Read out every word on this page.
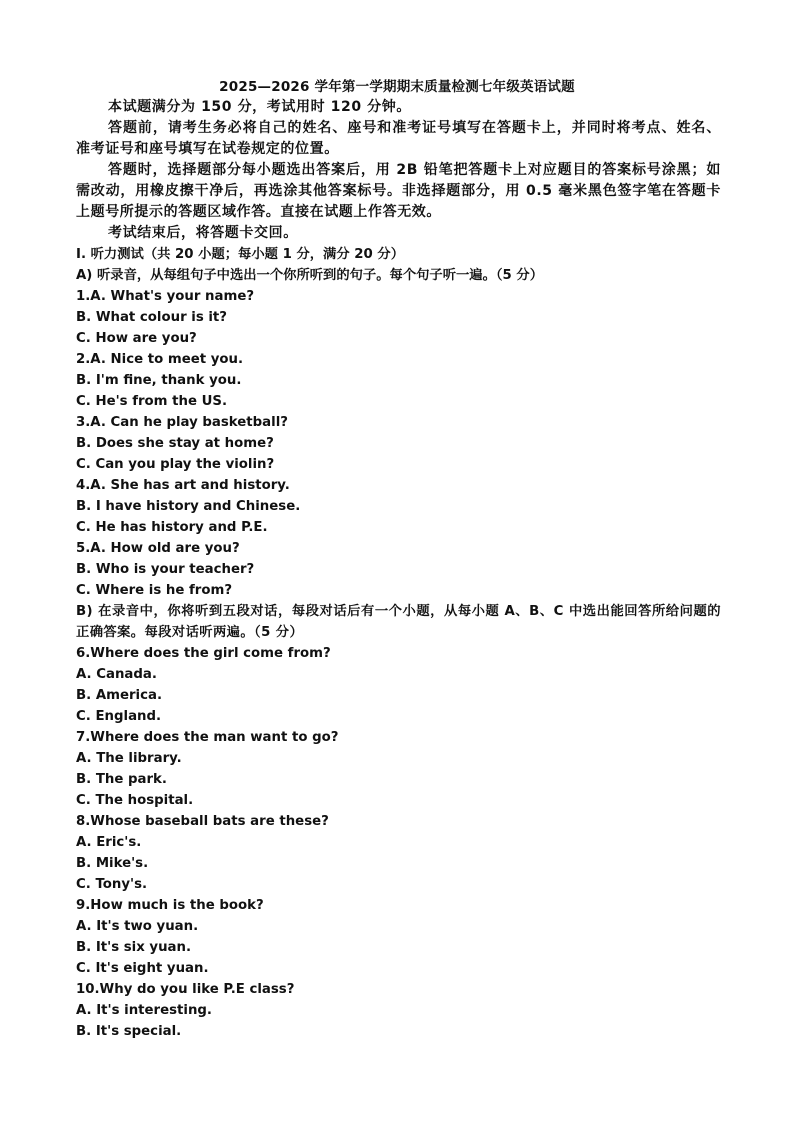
2025—2026 学年第一学期期末质量检测七年级英语试题

本试题满分为 150 分，考试用时 120 分钟。

答题前，请考生务必将自己的姓名、座号和准考证号填写在答题卡上，并同时将考点、姓名、准考证号和座号填写在试卷规定的位置。

答题时，选择题部分每小题选出答案后，用 2B 铅笔把答题卡上对应题目的答案标号涂黑；如需改动，用橡皮擦干净后，再选涂其他答案标号。非选择题部分，用 0.5 毫米黑色签字笔在答题卡上题号所提示的答题区域作答。直接在试题上作答无效。

考试结束后，将答题卡交回。

I. 听力测试（共 20 小题；每小题 1 分，满分 20 分）
A) 听录音，从每组句子中选出一个你所听到的句子。每个句子听一遍。（5 分）
1.A. What's your name?
B. What colour is it?
C. How are you?
2.A. Nice to meet you.
B. I'm fine, thank you.
C. He's from the US.
3.A. Can he play basketball?
B. Does she stay at home?
C. Can you play the violin?
4.A. She has art and history.
B. I have history and Chinese.
C. He has history and P.E.
5.A. How old are you?
B. Who is your teacher?
C. Where is he from?
B) 在录音中，你将听到五段对话，每段对话后有一个小题，从每小题 A、B、C 中选出能回答所给问题的正确答案。每段对话听两遍。（5 分）
6.Where does the girl come from?
A. Canada.
B. America.
C. England.
7.Where does the man want to go?
A. The library.
B. The park.
C. The hospital.
8.Whose baseball bats are these?
A. Eric's.
B. Mike's.
C. Tony's.
9.How much is the book?
A. It's two yuan.
B. It's six yuan.
C. It's eight yuan.
10.Why do you like P.E class?
A. It's interesting.
B. It's special.
